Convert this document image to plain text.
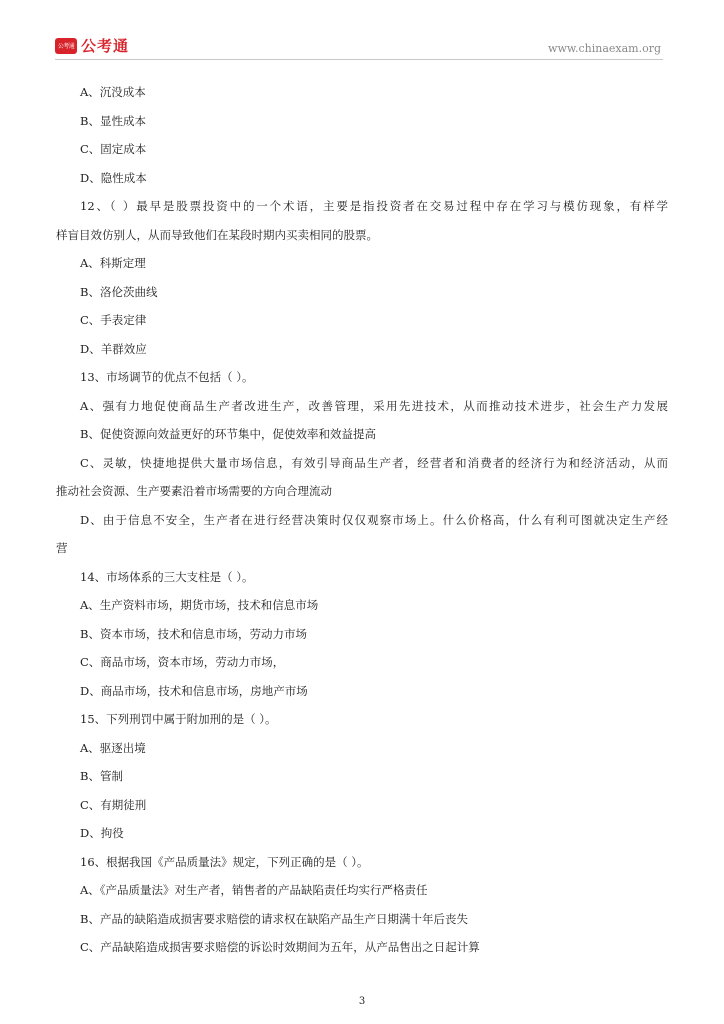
公考通 公考通	www.chinaexam.org
A、沉没成本
B、显性成本
C、固定成本
D、隐性成本
12、（ ）最早是股票投资中的一个术语，主要是指投资者在交易过程中存在学习与模仿现象，有样学
样盲目效仿别人，从而导致他们在某段时期内买卖相同的股票。
A、科斯定理
B、洛伦茨曲线
C、手表定律
D、羊群效应
13、市场调节的优点不包括（ ）。
A、强有力地促使商品生产者改进生产，改善管理，采用先进技术，从而推动技术进步，社会生产力发展
B、促使资源向效益更好的环节集中，促使效率和效益提高
C、灵敏，快捷地提供大量市场信息，有效引导商品生产者，经营者和消费者的经济行为和经济活动，从而
推动社会资源、生产要素沿着市场需要的方向合理流动
D、由于信息不安全，生产者在进行经营决策时仅仅观察市场上。什么价格高，什么有利可图就决定生产经
营
14、市场体系的三大支柱是（ ）。
A、生产资料市场，期货市场，技术和信息市场
B、资本市场，技术和信息市场，劳动力市场
C、商品市场，资本市场，劳动力市场，
D、商品市场，技术和信息市场，房地产市场
15、下列刑罚中属于附加刑的是（ ）。
A、驱逐出境
B、管制
C、有期徒刑
D、拘役
16、根据我国《产品质量法》规定，下列正确的是（ ）。
A、《产品质量法》对生产者，销售者的产品缺陷责任均实行严格责任
B、产品的缺陷造成损害要求赔偿的请求权在缺陷产品生产日期满十年后丧失
C、产品缺陷造成损害要求赔偿的诉讼时效期间为五年，从产品售出之日起计算
3
